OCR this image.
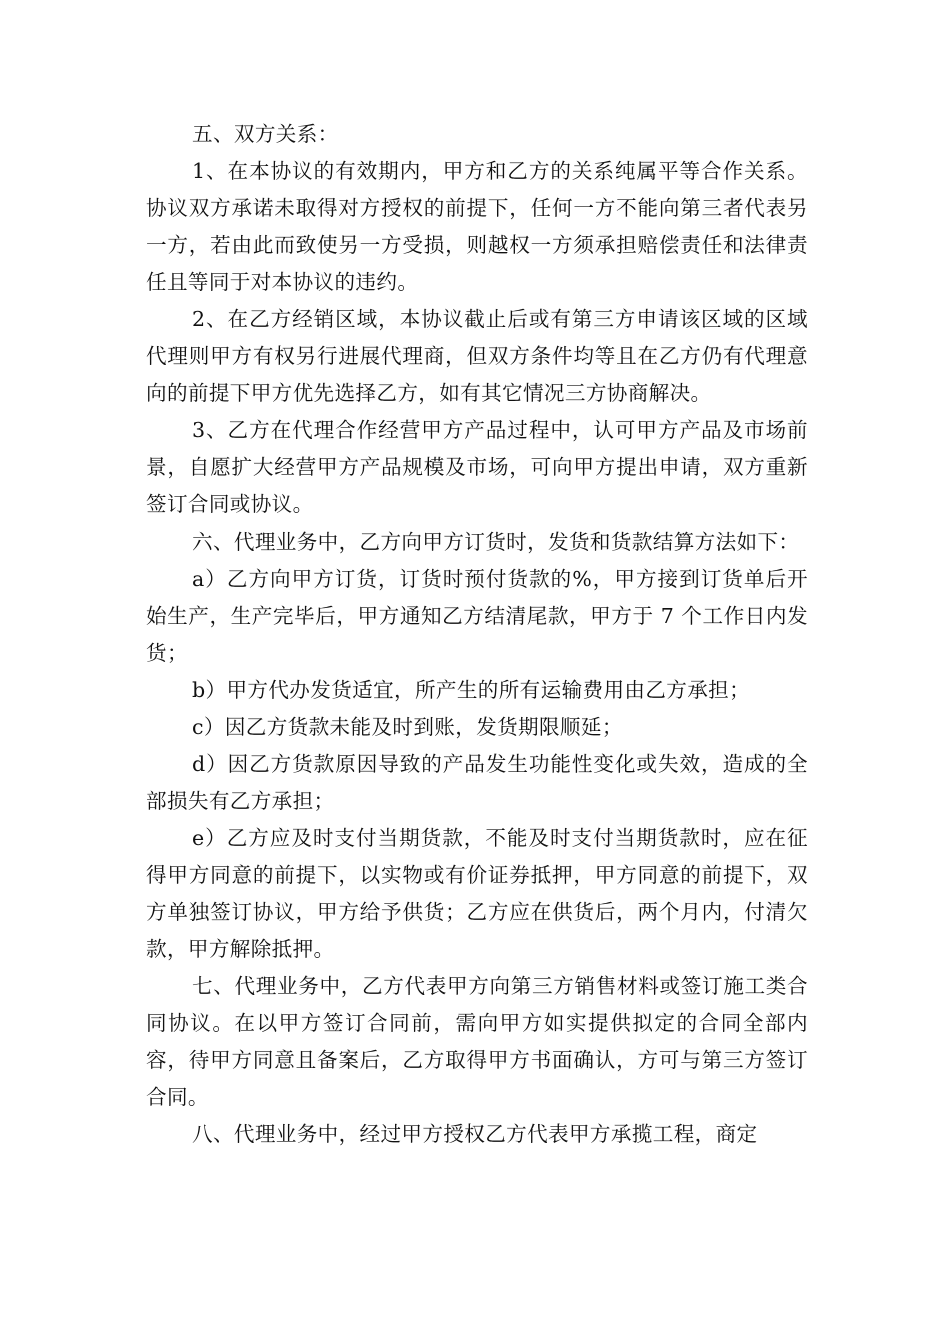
五、双方关系：

1、在本协议的有效期内，甲方和乙方的关系纯属平等合作关系。协议双方承诺未取得对方授权的前提下，任何一方不能向第三者代表另一方，若由此而致使另一方受损，则越权一方须承担赔偿责任和法律责任且等同于对本协议的违约。

2、在乙方经销区域，本协议截止后或有第三方申请该区域的区域代理则甲方有权另行进展代理商，但双方条件均等且在乙方仍有代理意向的前提下甲方优先选择乙方，如有其它情况三方协商解决。

3、乙方在代理合作经营甲方产品过程中，认可甲方产品及市场前景，自愿扩大经营甲方产品规模及市场，可向甲方提出申请，双方重新签订合同或协议。

六、代理业务中，乙方向甲方订货时，发货和货款结算方法如下：

a）乙方向甲方订货，订货时预付货款的%，甲方接到订货单后开始生产，生产完毕后，甲方通知乙方结清尾款，甲方于 7 个工作日内发货；

b）甲方代办发货适宜，所产生的所有运输费用由乙方承担；

c）因乙方货款未能及时到账，发货期限顺延；

d）因乙方货款原因导致的产品发生功能性变化或失效，造成的全部损失有乙方承担；

e）乙方应及时支付当期货款，不能及时支付当期货款时，应在征得甲方同意的前提下，以实物或有价证券抵押，甲方同意的前提下，双方单独签订协议，甲方给予供货；乙方应在供货后，两个月内，付清欠款，甲方解除抵押。

七、代理业务中，乙方代表甲方向第三方销售材料或签订施工类合同协议。在以甲方签订合同前，需向甲方如实提供拟定的合同全部内容，待甲方同意且备案后，乙方取得甲方书面确认，方可与第三方签订合同。

八、代理业务中，经过甲方授权乙方代表甲方承揽工程，商定
